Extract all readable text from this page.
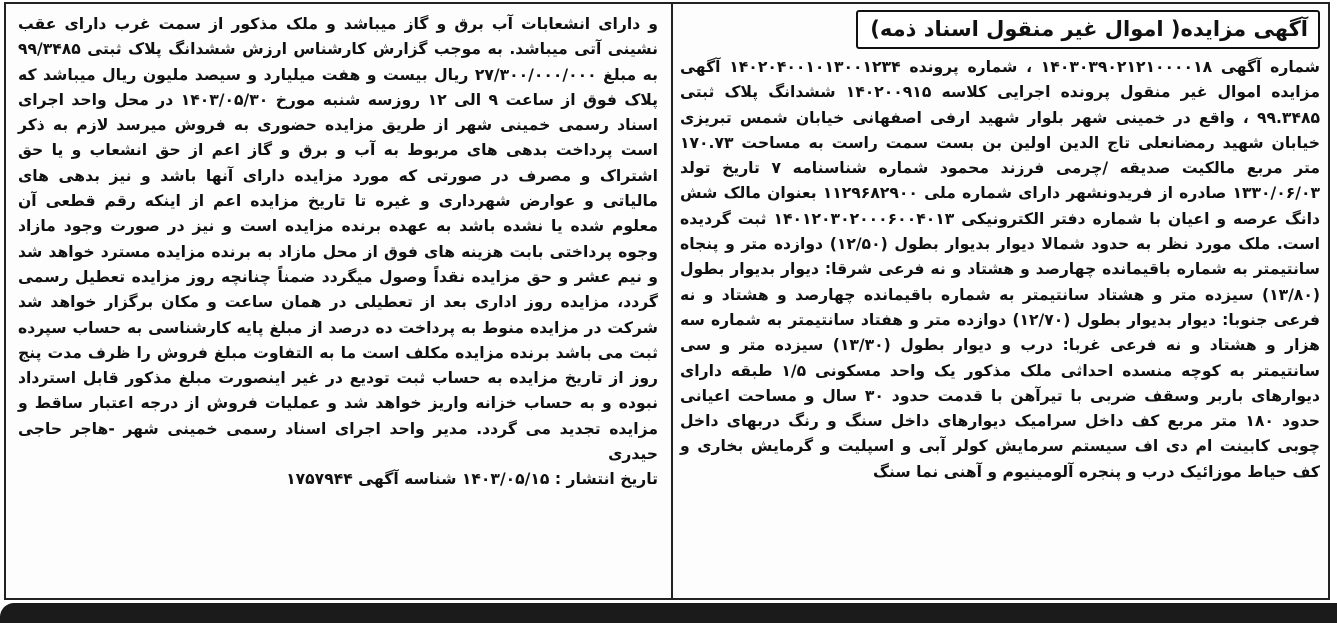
آگهی مزایده( اموال غیر منقول اسناد ذمه)

شماره آگهی ۱۴۰۳۰۳۹۰۲۱۲۱۰۰۰۰۱۸ ، شماره پرونده ۱۴۰۲۰۴۰۰۱۰۱۳۰۰۱۲۳۴ آگهی مزایده اموال غیر منقول پرونده اجرایی کلاسه ۱۴۰۲۰۰۹۱۵ ششدانگ پلاک ثبتی ۹۹.۳۴۸۵ ، واقع در خمینی شهر بلوار شهید ارفی اصفهانی خیابان شمس تبریزی خیابان شهید رمضانعلی تاج الدین اولین بن بست سمت راست به مساحت ۱۷۰.۷۳ متر مربع مالکیت صدیقه /چرمی فرزند محمود شماره شناسنامه ۷ تاریخ تولد ۱۳۳۰/۰۶/۰۳ صادره از فریدونشهر دارای شماره ملی ۱۱۲۹۶۸۲۹۰۰ بعنوان مالک شش دانگ عرصه و اعیان با شماره دفتر الکترونیکی ۱۴۰۱۲۰۳۰۲۰۰۰۶۰۰۴۰۱۳ ثبت گردیده است. ملک مورد نظر به حدود شمالا دیوار بدیوار بطول (۱۲/۵۰) دوازده متر و پنجاه سانتیمتر به شماره باقیمانده چهارصد و هشتاد و نه فرعی شرقا: دیوار بدیوار بطول (۱۳/۸۰) سیزده متر و هشتاد سانتیمتر به شماره باقیمانده چهارصد و هشتاد و نه فرعی جنوبا: دیوار بدیوار بطول (۱۲/۷۰) دوازده متر و هفتاد سانتیمتر به شماره سه هزار و هشتاد و نه فرعی غربا: درب و دیوار بطول (۱۳/۳۰) سیزده متر و سی سانتیمتر به کوچه منسده احداثی ملک مذکور یک واحد مسکونی ۱/۵ طبقه دارای دیوارهای باربر وسقف ضربی با تیرآهن با قدمت حدود ۳۰ سال و مساحت اعیانی حدود ۱۸۰ متر مربع کف داخل سرامیک دیوارهای داخل سنگ و رنگ دربهای داخل چوبی کابینت ام دی اف سیستم سرمایش کولر آبی و اسپلیت و گرمایش بخاری و کف حیاط موزائیک درب و پنجره آلومینیوم و آهنی نما سنگ

و دارای انشعابات آب برق و گاز میباشد و ملک مذکور از سمت غرب دارای عقب نشینی آتی میباشد. به موجب گزارش کارشناس ارزش ششدانگ پلاک ثبتی ۹۹/۳۴۸۵ به مبلغ ۲۷/۳۰۰/۰۰۰/۰۰۰ ریال بیست و هفت میلیارد و سیصد ملیون ریال میباشد که پلاک فوق از ساعت ۹ الی ۱۲ روزسه شنبه مورخ ۱۴۰۳/۰۵/۳۰ در محل واحد اجرای اسناد رسمی خمینی شهر از طریق مزایده حضوری به فروش میرسد لازم به ذکر است پرداخت بدهی های مربوط به آب و برق و گاز اعم از حق انشعاب و یا حق اشتراک و مصرف در صورتی که مورد مزایده دارای آنها باشد و نیز بدهی های مالیاتی و عوارض شهرداری و غیره تا تاریخ مزایده اعم از اینکه رقم قطعی آن معلوم شده یا نشده باشد به عهده برنده مزایده است و نیز در صورت وجود مازاد وجوه پرداختی بابت هزینه های فوق از محل مازاد به برنده مزایده مسترد خواهد شد و نیم عشر و حق مزایده نقداً وصول میگردد ضمناً چنانچه روز مزایده تعطیل رسمی گردد، مزایده روز اداری بعد از تعطیلی در همان ساعت و مکان برگزار خواهد شد شرکت در مزایده منوط به پرداخت ده درصد از مبلغ پایه کارشناسی به حساب سپرده ثبت می باشد برنده مزایده مکلف است ما به التفاوت مبلغ فروش را ظرف مدت پنج روز از تاریخ مزایده به حساب ثبت تودیع در غیر اینصورت مبلغ مذکور قابل استرداد نبوده و به حساب خزانه واریز خواهد شد و عملیات فروش از درجه اعتبار ساقط و مزایده تجدید می گردد. مدیر واحد اجرای اسناد رسمی خمینی شهر -هاجر حاجی حیدری
تاریخ انتشار : ۱۴۰۳/۰۵/۱۵ شناسه آگهی ۱۷۵۷۹۴۴
